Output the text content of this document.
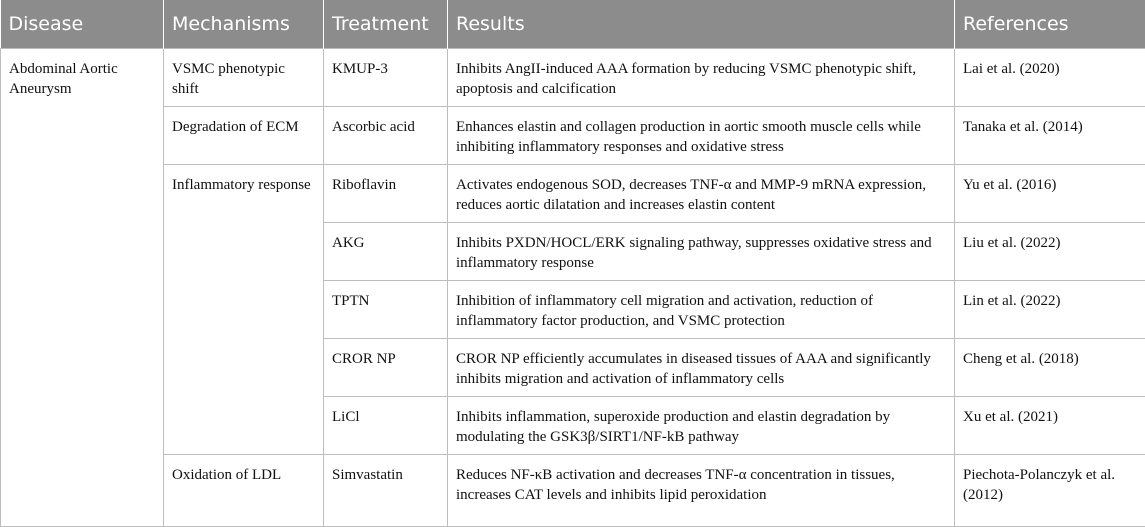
Disease	Mechanisms	Treatment	Results	References
Abdominal Aortic Aneurysm	VSMC phenotypic shift	KMUP-3	Inhibits AngII-induced AAA formation by reducing VSMC phenotypic shift, apoptosis and calcification	Lai et al. (2020)
	Degradation of ECM	Ascorbic acid	Enhances elastin and collagen production in aortic smooth muscle cells while inhibiting inflammatory responses and oxidative stress	Tanaka et al. (2014)
	Inflammatory response	Riboflavin	Activates endogenous SOD, decreases TNF-α and MMP-9 mRNA expression, reduces aortic dilatation and increases elastin content	Yu et al. (2016)
		AKG	Inhibits PXDN/HOCL/ERK signaling pathway, suppresses oxidative stress and inflammatory response	Liu et al. (2022)
		TPTN	Inhibition of inflammatory cell migration and activation, reduction of inflammatory factor production, and VSMC protection	Lin et al. (2022)
		CROR NP	CROR NP efficiently accumulates in diseased tissues of AAA and significantly inhibits migration and activation of inflammatory cells	Cheng et al. (2018)
		LiCl	Inhibits inflammation, superoxide production and elastin degradation by modulating the GSK3β/SIRT1/NF-kB pathway	Xu et al. (2021)
	Oxidation of LDL	Simvastatin	Reduces NF-κB activation and decreases TNF-α concentration in tissues, increases CAT levels and inhibits lipid peroxidation	Piechota-Polanczyk et al. (2012)
